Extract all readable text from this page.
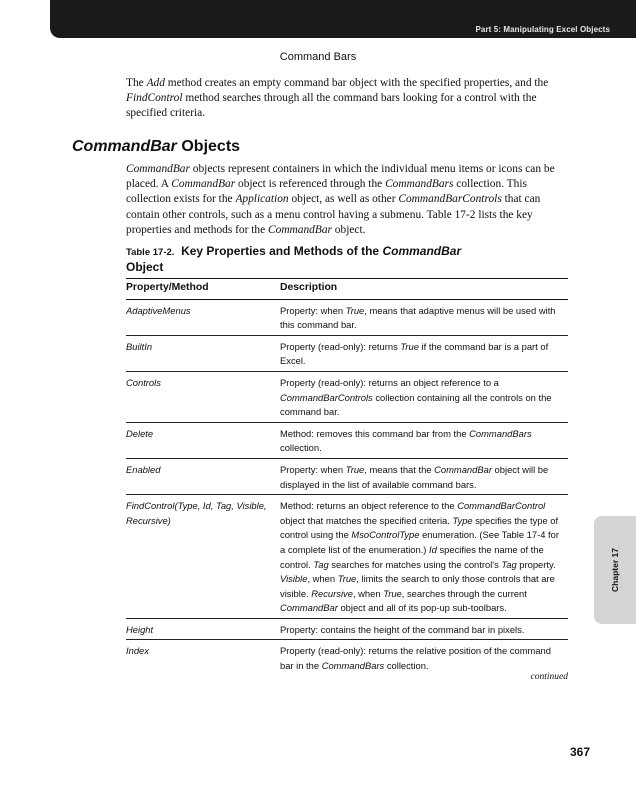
Part 5: Manipulating Excel Objects
Command Bars
The Add method creates an empty command bar object with the specified properties, and the FindControl method searches through all the command bars looking for a control with the specified criteria.
CommandBar Objects
CommandBar objects represent containers in which the individual menu items or icons can be placed. A CommandBar object is referenced through the CommandBars collection. This collection exists for the Application object, as well as other CommandBarControls that can contain other controls, such as a menu control having a submenu. Table 17-2 lists the key properties and methods for the CommandBar object.
Table 17-2. Key Properties and Methods of the CommandBar
Object
Property/Method	Description
AdaptiveMenus	Property: when True, means that adaptive menus will be used with this command bar.
BuiltIn	Property (read-only): returns True if the command bar is a part of Excel.
Controls	Property (read-only): returns an object reference to a CommandBarControls collection containing all the controls on the command bar.
Delete	Method: removes this command bar from the CommandBars collection.
Enabled	Property: when True, means that the CommandBar object will be displayed in the list of available command bars.
FindControl(Type, Id, Tag, Visible, Recursive)	Method: returns an object reference to the CommandBarControl object that matches the specified criteria. Type specifies the type of control using the MsoControlType enumeration. (See Table 17-4 for a complete list of the enumeration.) Id specifies the name of the control. Tag searches for matches using the control's Tag property. Visible, when True, limits the search to only those controls that are visible. Recursive, when True, searches through the current CommandBar object and all of its pop-up sub-toolbars.
Height	Property: contains the height of the command bar in pixels.
Index	Property (read-only): returns the relative position of the command bar in the CommandBars collection.
continued
Chapter 17
367
